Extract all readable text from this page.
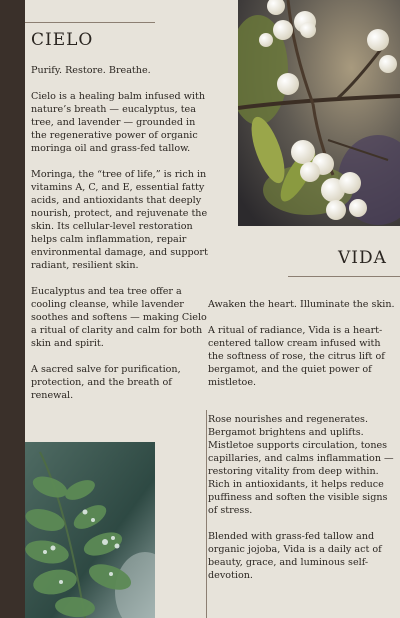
CIELO

Purify. Restore. Breathe.

Cielo is a healing balm infused with nature’s breath — eucalyptus, tea tree, and lavender — grounded in the regenerative power of organic moringa oil and grass-fed tallow.

Moringa, the “tree of life,” is rich in vitamins A, C, and E, essential fatty acids, and antioxidants that deeply nourish, protect, and rejuvenate the skin. Its cellular-level restoration helps calm inflammation, repair environmental damage, and support radiant, resilient skin.

Eucalyptus and tea tree offer a cooling cleanse, while lavender soothes and softens — making Cielo a ritual of clarity and calm for both skin and spirit.

A sacred salve for purification, protection, and the breath of renewal.

VIDA

Awaken the heart. Illuminate the skin.

A ritual of radiance, Vida is a heart-centered tallow cream infused with the softness of rose, the citrus lift of bergamot, and the quiet power of mistletoe.

Rose nourishes and regenerates. Bergamot brightens and uplifts. Mistletoe supports circulation, tones capillaries, and calms inflammation — restoring vitality from deep within. Rich in antioxidants, it helps reduce puffiness and soften the visible signs of stress.

Blended with grass-fed tallow and organic jojoba, Vida is a daily act of beauty, grace, and luminous self-devotion.
